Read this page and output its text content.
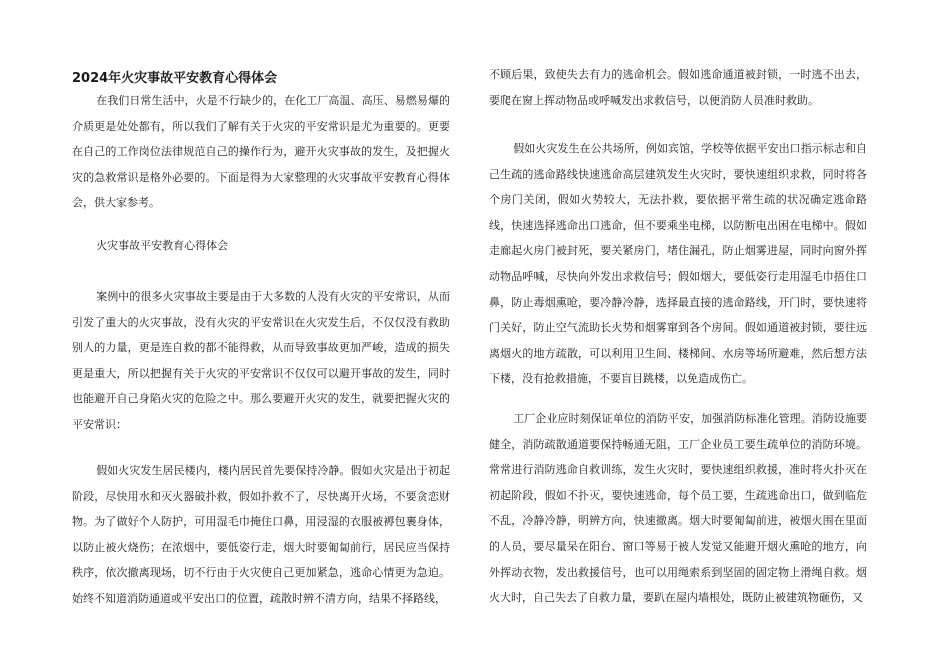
2024年火灾事故平安教育心得体会

在我们日常生活中，火是不行缺少的，在化工厂高温、高压、易燃易爆的介质更是处处都有，所以我们了解有关于火灾的平安常识是尤为重要的。更要在自己的工作岗位法律规范自己的操作行为，避开火灾事故的发生，及把握火灾的急救常识是格外必要的。下面是得为大家整理的火灾事故平安教育心得体会，供大家参考。

火灾事故平安教育心得体会

案例中的很多火灾事故主要是由于大多数的人没有火灾的平安常识，从而引发了重大的火灾事故，没有火灾的平安常识在火灾发生后，不仅仅没有救助别人的力量，更是连自救的都不能得救，从而导致事故更加严峻，造成的损失更是重大，所以把握有关于火灾的平安常识不仅仅可以避开事故的发生，同时也能避开自己身陷火灾的危险之中。那么要避开火灾的发生，就要把握火灾的平安常识：

假如火灾发生居民楼内，楼内居民首先要保持冷静。假如火灾是出于初起阶段，尽快用水和灭火器破扑救，假如扑救不了，尽快离开火场，不要贪恋财物。为了做好个人防护，可用湿毛巾掩住口鼻，用浸湿的衣服被褥包裹身体，以防止被火烧伤；在浓烟中，要低姿行走，烟大时要匍匐前行，居民应当保持秩序，依次撤离现场，切不行由于火灾使自己更加紧急，逃命心情更为急迫。始终不知道消防通道或平安出口的位置，疏散时辨不清方向，结果不择路线，

不顾后果，致使失去有力的逃命机会。假如逃命通道被封锁，一时逃不出去，要爬在窗上挥动物品或呼喊发出求救信号，以便消防人员准时救助。

假如火灾发生在公共场所，例如宾馆，学校等依据平安出口指示标志和自己生疏的逃命路线快速逃命高层建筑发生火灾时，要快速组织求救，同时将各个房门关闭，假如火势较大，无法扑救，要依据平常生疏的状况确定逃命路线，快速选择逃命出口逃命，但不要乘坐电梯，以防断电出困在电梯中。假如走廊起火房门被封死，要关紧房门，堵住漏孔，防止烟雾进屋，同时向窗外挥动物品呼喊，尽快向外发出求救信号；假如烟大，要低姿行走用湿毛巾捂住口鼻，防止毒烟熏呛，要冷静冷静，选择最直接的逃命路线，开门时，要快速将门关好，防止空气流助长火势和烟雾窜到各个房间。假如通道被封锁，要往远离烟火的地方疏散，可以利用卫生间、楼梯间、水房等场所避难，然后想方法下楼，没有抢救措施，不要盲目跳楼，以免造成伤亡。

工厂企业应时刻保证单位的消防平安，加强消防标准化管理。消防设施要健全，消防疏散通道要保持畅通无阻，工厂企业员工要生疏单位的消防环境。常常进行消防逃命自救训练，发生火灾时，要快速组织救援，准时将火扑灭在初起阶段，假如不扑灭，要快速逃命，每个员工要，生疏逃命出口，做到临危不乱，冷静冷静，明辨方向，快速撤离。烟大时要匍匐前进，被烟火围在里面的人员，要尽量呆在阳台、窗口等易于被人发觉又能避开烟火熏呛的地方，向外挥动衣物，发出救援信号，也可以用绳索系到坚固的固定物上滑绳自救。烟火大时，自己失去了自救力量，要趴在屋内墙根处，既防止被建筑物砸伤，又
